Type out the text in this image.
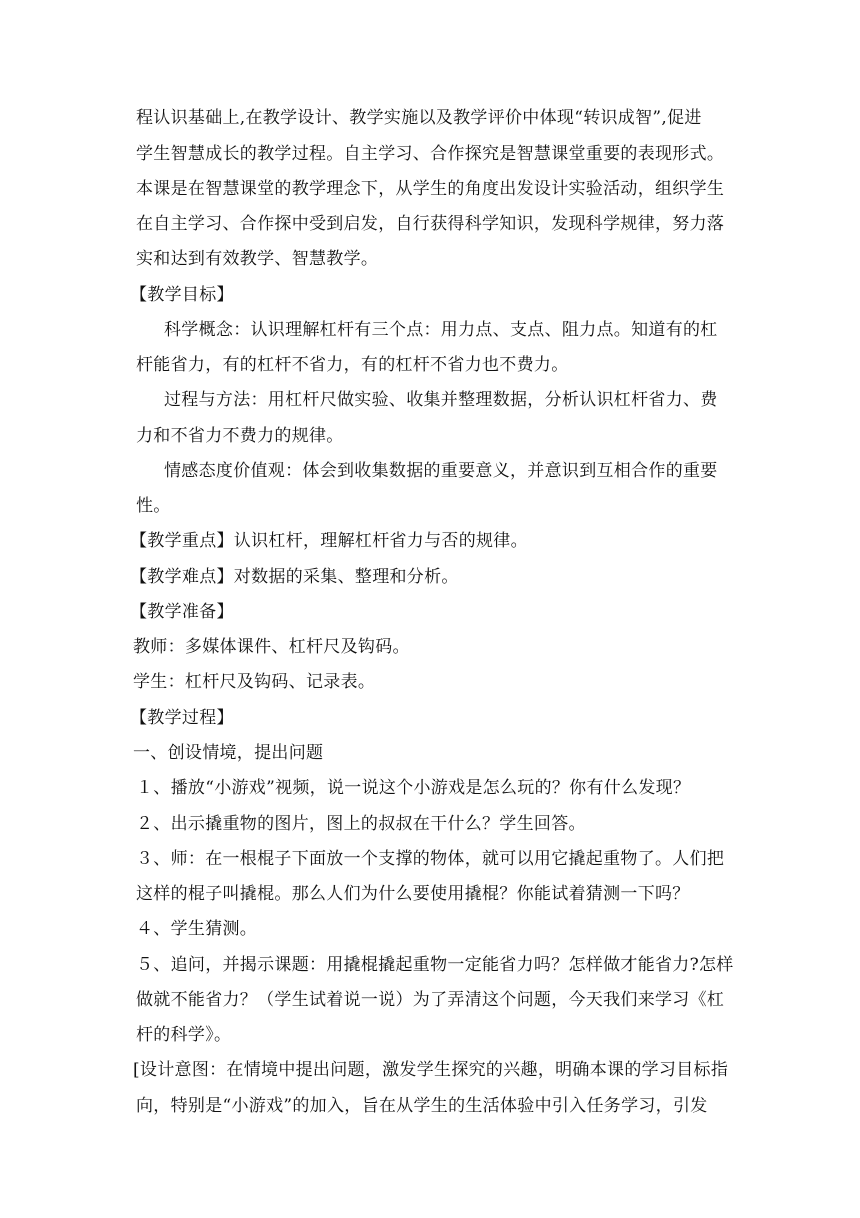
程认识基础上,在教学设计、教学实施以及教学评价中体现“转识成智”,促进
学生智慧成长的教学过程。自主学习、合作探究是智慧课堂重要的表现形式。
本课是在智慧课堂的教学理念下，从学生的角度出发设计实验活动，组织学生
在自主学习、合作探中受到启发，自行获得科学知识，发现科学规律，努力落
实和达到有效教学、智慧教学。
【教学目标】
科学概念：认识理解杠杆有三个点：用力点、支点、阻力点。知道有的杠
杆能省力，有的杠杆不省力，有的杠杆不省力也不费力。
过程与方法：用杠杆尺做实验、收集并整理数据，分析认识杠杆省力、费
力和不省力不费力的规律。
情感态度价值观：体会到收集数据的重要意义，并意识到互相合作的重要
性。
【教学重点】认识杠杆，理解杠杆省力与否的规律。
【教学难点】对数据的采集、整理和分析。
【教学准备】
教师：多媒体课件、杠杆尺及钩码。
学生：杠杆尺及钩码、记录表。
【教学过程】
一、创设情境，提出问题
１、播放“小游戏”视频，说一说这个小游戏是怎么玩的？你有什么发现？
２、出示撬重物的图片，图上的叔叔在干什么？学生回答。
３、师：在一根棍子下面放一个支撑的物体，就可以用它撬起重物了。人们把
这样的棍子叫撬棍。那么人们为什么要使用撬棍？你能试着猜测一下吗？
４、学生猜测。
５、追问，并揭示课题：用撬棍撬起重物一定能省力吗？怎样做才能省力?怎样
做就不能省力？（学生试着说一说）为了弄清这个问题，今天我们来学习《杠
杆的科学》。
[设计意图：在情境中提出问题，激发学生探究的兴趣，明确本课的学习目标指
向，特别是“小游戏”的加入，旨在从学生的生活体验中引入任务学习，引发
